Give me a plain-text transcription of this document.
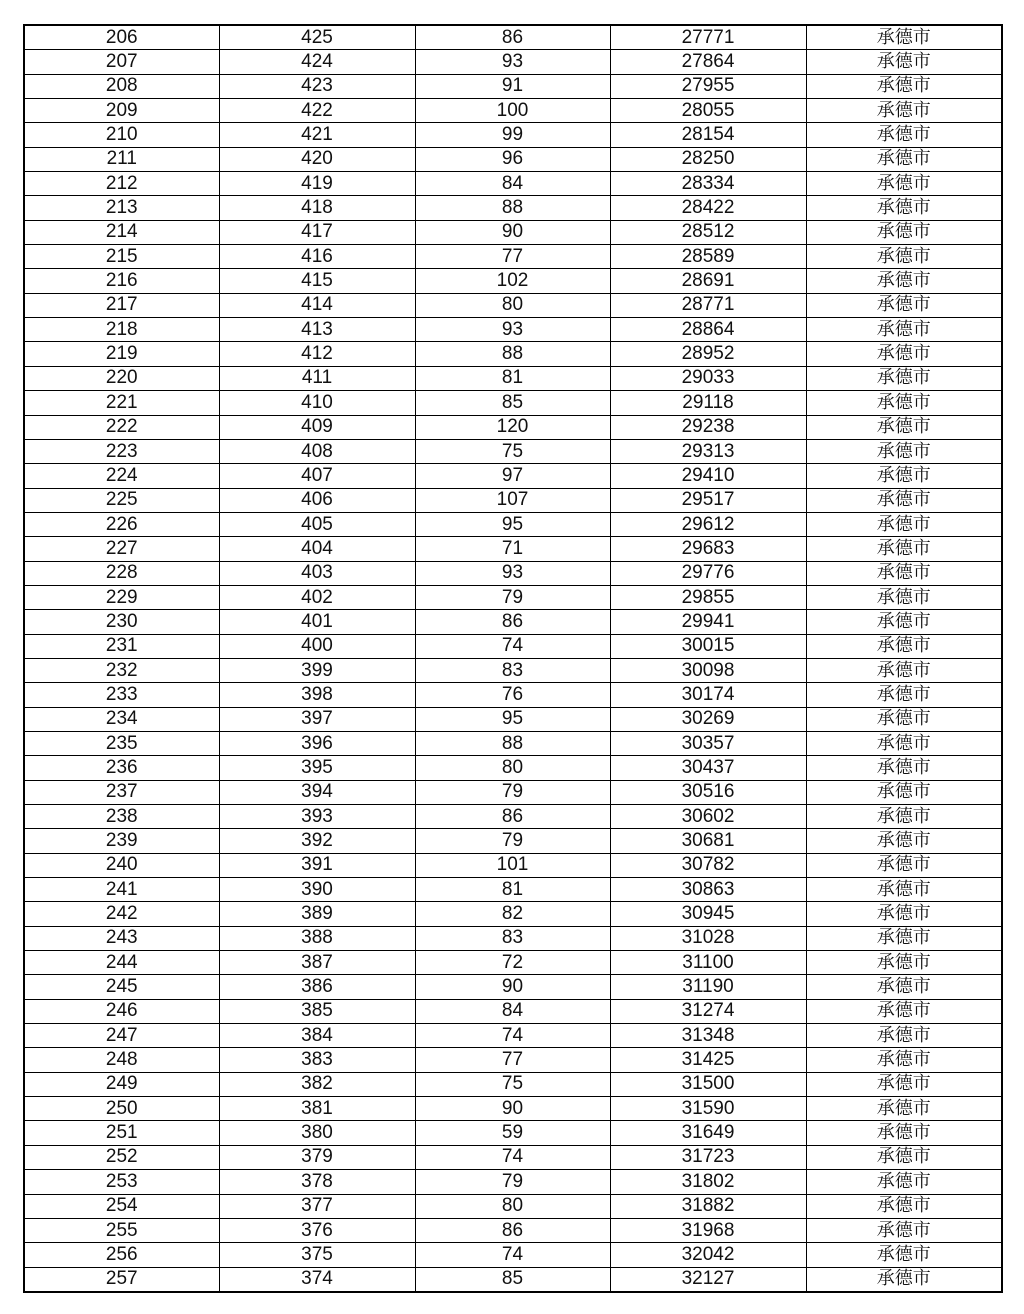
206	425	86	27771	承德市
207	424	93	27864	承德市
208	423	91	27955	承德市
209	422	100	28055	承德市
210	421	99	28154	承德市
211	420	96	28250	承德市
212	419	84	28334	承德市
213	418	88	28422	承德市
214	417	90	28512	承德市
215	416	77	28589	承德市
216	415	102	28691	承德市
217	414	80	28771	承德市
218	413	93	28864	承德市
219	412	88	28952	承德市
220	411	81	29033	承德市
221	410	85	29118	承德市
222	409	120	29238	承德市
223	408	75	29313	承德市
224	407	97	29410	承德市
225	406	107	29517	承德市
226	405	95	29612	承德市
227	404	71	29683	承德市
228	403	93	29776	承德市
229	402	79	29855	承德市
230	401	86	29941	承德市
231	400	74	30015	承德市
232	399	83	30098	承德市
233	398	76	30174	承德市
234	397	95	30269	承德市
235	396	88	30357	承德市
236	395	80	30437	承德市
237	394	79	30516	承德市
238	393	86	30602	承德市
239	392	79	30681	承德市
240	391	101	30782	承德市
241	390	81	30863	承德市
242	389	82	30945	承德市
243	388	83	31028	承德市
244	387	72	31100	承德市
245	386	90	31190	承德市
246	385	84	31274	承德市
247	384	74	31348	承德市
248	383	77	31425	承德市
249	382	75	31500	承德市
250	381	90	31590	承德市
251	380	59	31649	承德市
252	379	74	31723	承德市
253	378	79	31802	承德市
254	377	80	31882	承德市
255	376	86	31968	承德市
256	375	74	32042	承德市
257	374	85	32127	承德市
